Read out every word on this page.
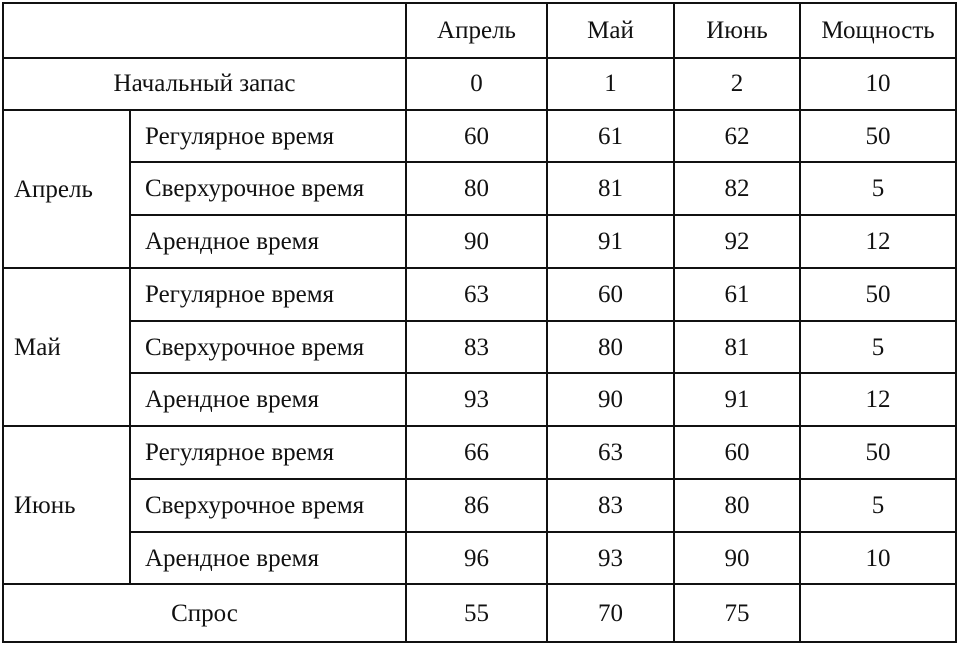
		Апрель	Май	Июнь	Мощность
Начальный запас		0	1	2	10
Апрель	Регулярное время	60	61	62	50
	Сверхурочное время	80	81	82	5
	Арендное время	90	91	92	12
Май	Регулярное время	63	60	61	50
	Сверхурочное время	83	80	81	5
	Арендное время	93	90	91	12
Июнь	Регулярное время	66	63	60	50
	Сверхурочное время	86	83	80	5
	Арендное время	96	93	90	10
Спрос		55	70	75	
